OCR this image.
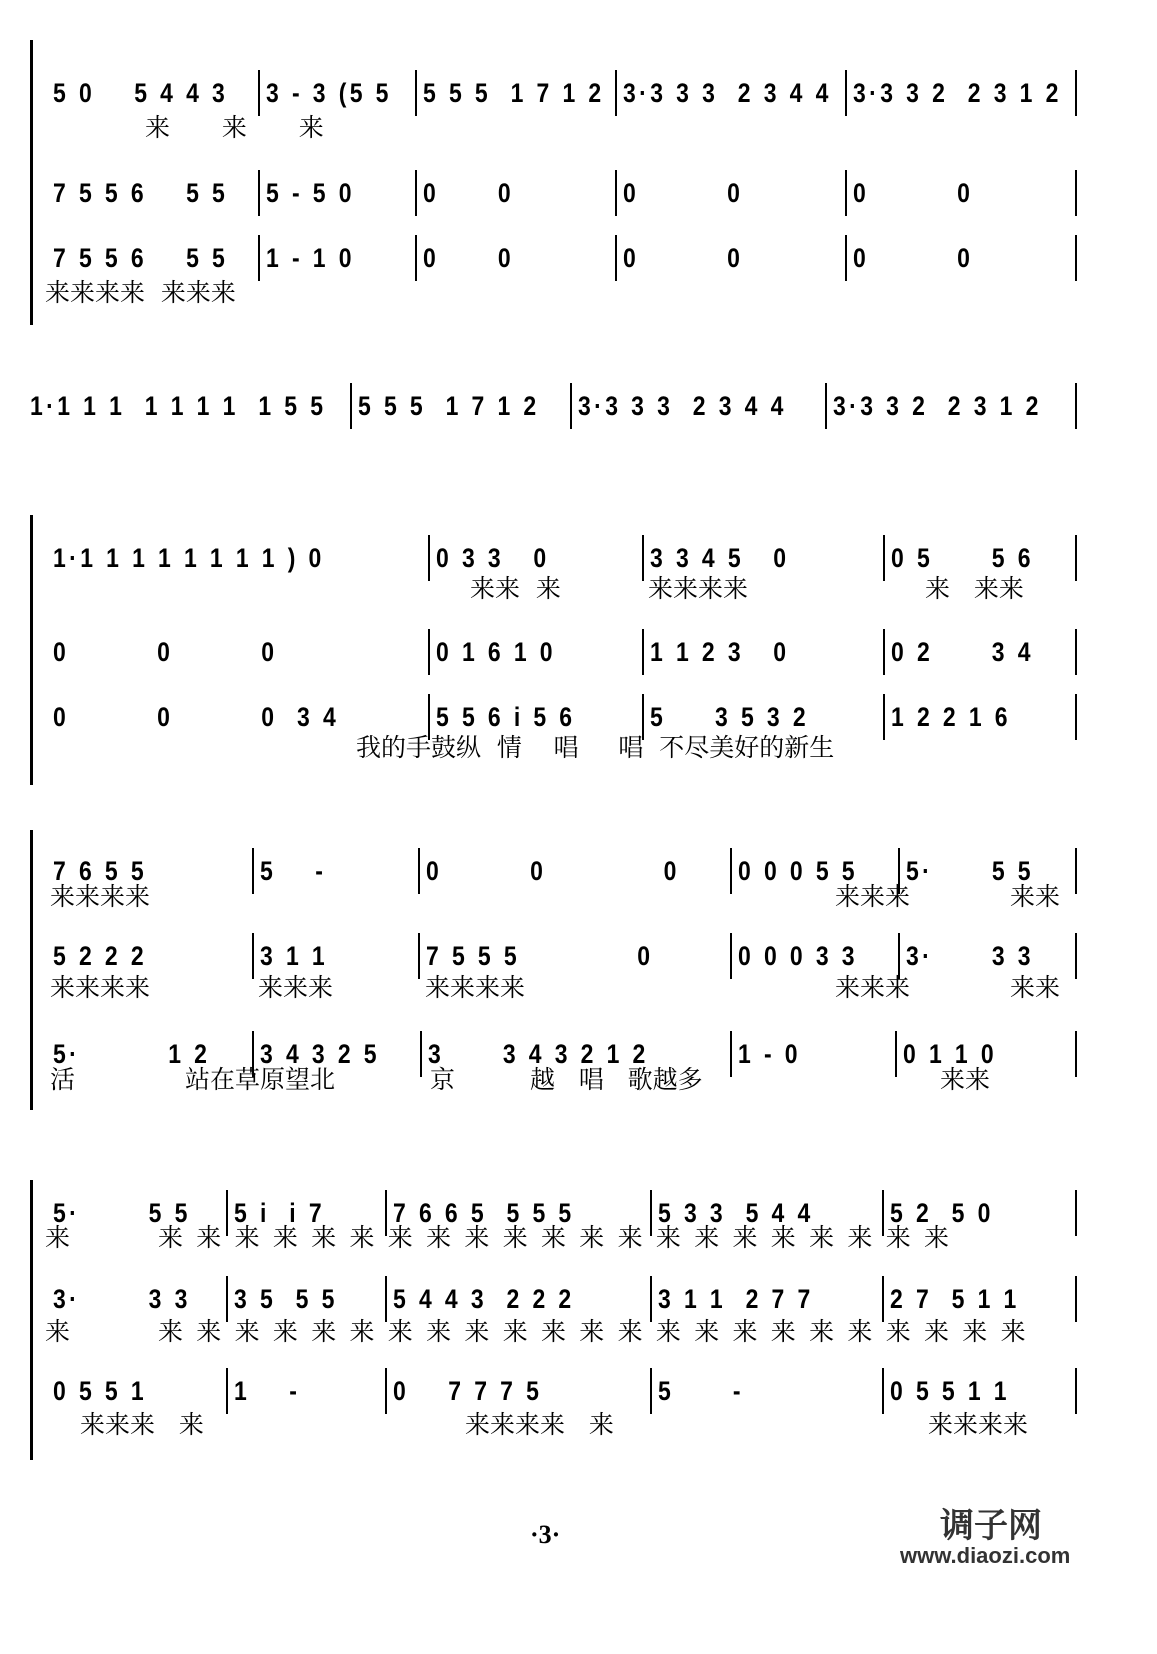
·3·	调子网
www.diaozi.com
5 0    5 4 4 3 3 - 3 (5 5 5 5 5  1 7 1 2 3·3 3 3  2 3 4 4 3·3 3 2  2 3 1 2
来  来  来
7 5 5 6    5 5 5 - 5 0	0      0	0         0	0         0
7 5 5 6    5 5 1 - 1 0	0      0	0         0	0         0
来来来来  来来来
1·1 1 1  1 1 1 1  1 5 5 5 5 5  1 7 1 2 3·3 3 3  2 3 4 4 3·3 3 2  2 3 1 2
1·1 1 1 1 1 1 1 1 ) 0	0 3 3   0	3 3 4 5   0	0 5      5 6
来来  来	来来来来	来   来来
0         0         0	0 1 6 1 0	1 1 2 3   0	0 2      3 4
0         0         0  3 4	5 5 6 i 5 6	5     3 5 3 2	1 2 2 1 6
我的手鼓纵  情    唱     唱  不尽美好的新生
7 6 5 5	5    -	0         0            0 0 0 0 5 5 5·      5 5
来来来来	来来来	来来
5 2 2 2	3 1 1	7 5 5 5            0	0 0 0 3 3 3·      3 3
来来来来	来来来	来来来来	来来来	来来
5·         1 2 3 4 3 2 5 3      3 4 3 2 1 2	1 - 0	0 1 1 0
活	站在草原望北	京	越   唱   歌越多	来来
5·       5 5 5 i  i 7	7 6 6 5  5 5 5	5 3 3  5 4 4	5 2  5 0
来	来来来来来来来来来来来来来来来来来来来来来
3·       3 3 3 5  5 5 5 4 4 3  2 2 2	3 1 1  2 7 7	2 7  5 1 1
来	来来来来来来来来来来来来来来来来来来来来来来来
0 5 5 1	1    -	0    7 7 7 5	5      -	0 5 5 1 1
来来来   来	来来来来   来	来来来来
